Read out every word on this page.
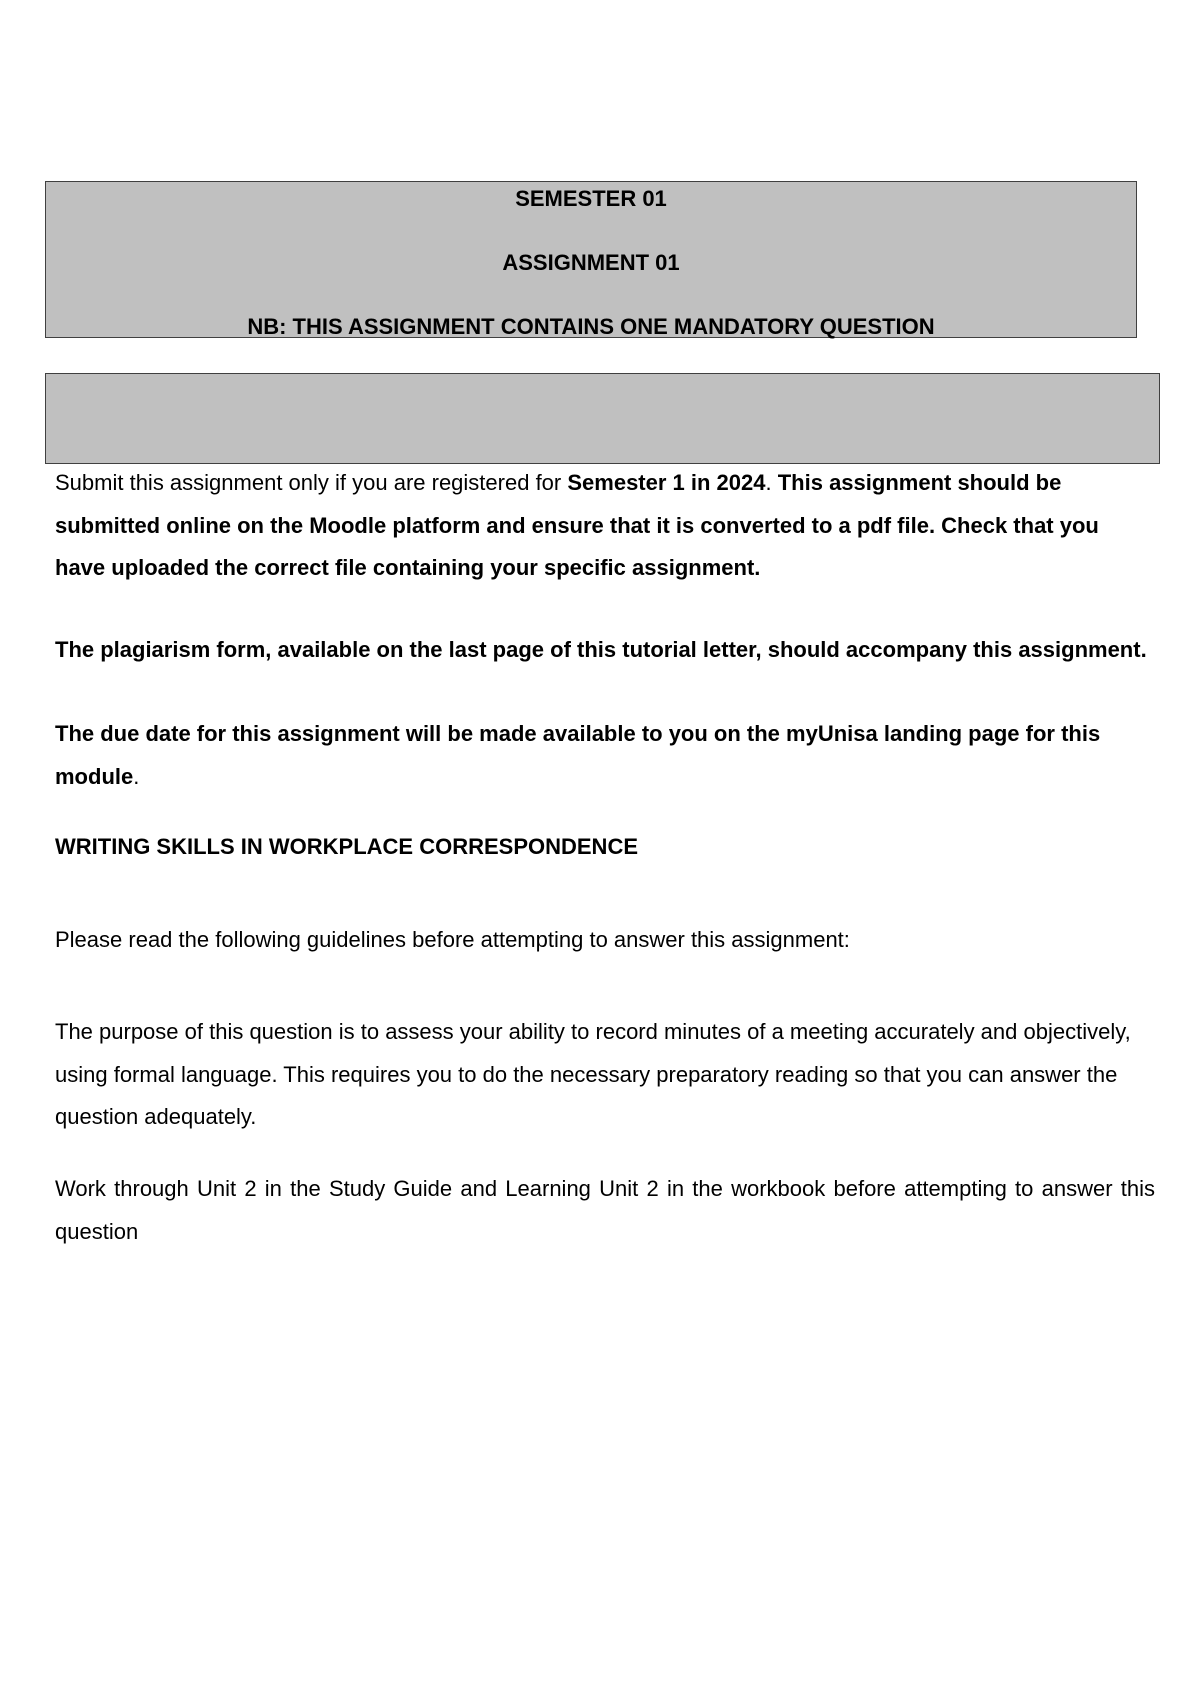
SEMESTER 01
ASSIGNMENT 01
NB: THIS ASSIGNMENT CONTAINS ONE MANDATORY QUESTION

Submit this assignment only if you are registered for Semester 1 in 2024. This assignment should be submitted online on the Moodle platform and ensure that it is converted to a pdf file. Check that you have uploaded the correct file containing your specific assignment.

The plagiarism form, available on the last page of this tutorial letter, should accompany this assignment.

The due date for this assignment will be made available to you on the myUnisa landing page for this module.

WRITING SKILLS IN WORKPLACE CORRESPONDENCE

Please read the following guidelines before attempting to answer this assignment:

The purpose of this question is to assess your ability to record minutes of a meeting accurately and objectively, using formal language. This requires you to do the necessary preparatory reading so that you can answer the question adequately.

Work through Unit 2 in the Study Guide and Learning Unit 2 in the workbook before attempting to answer this question
